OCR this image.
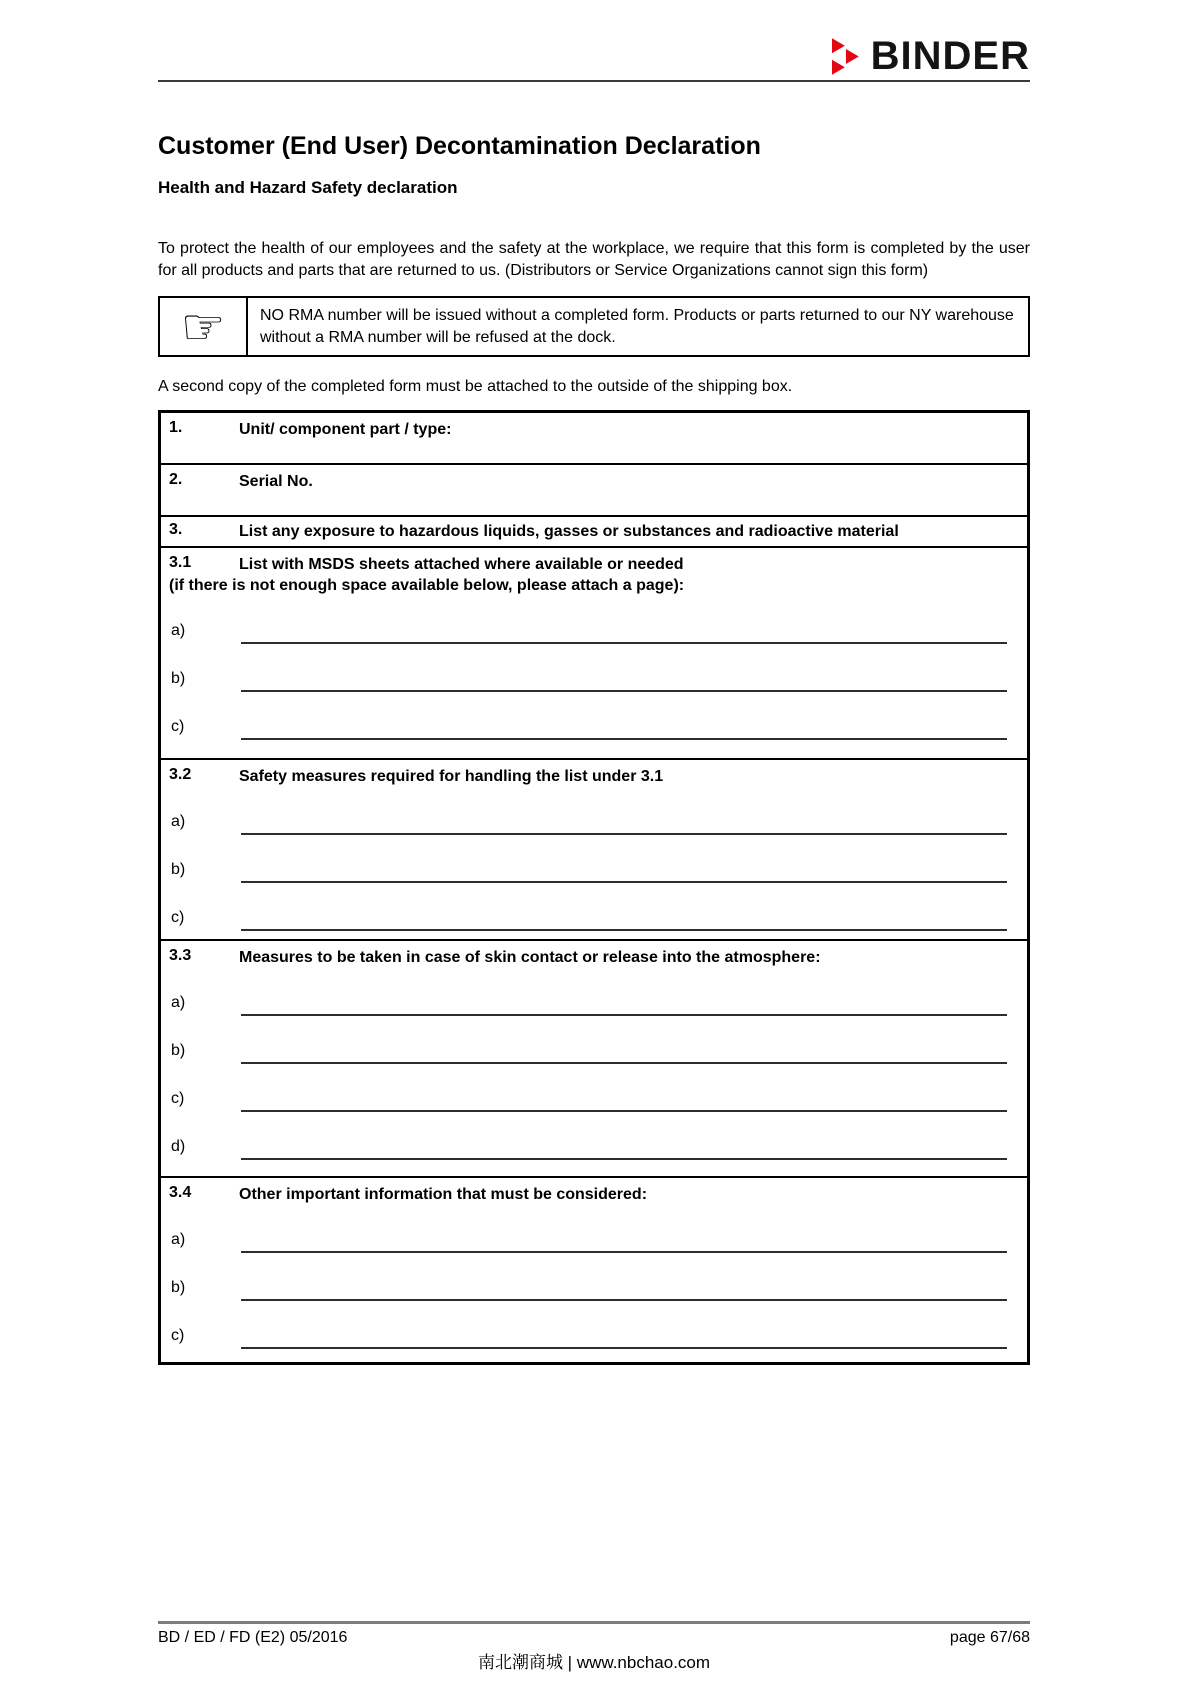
BINDER
Customer (End User) Decontamination Declaration
Health and Hazard Safety declaration

To protect the health of our employees and the safety at the workplace, we require that this form is completed by the user for all products and parts that are returned to us. (Distributors or Service Organizations cannot sign this form)

☞	NO RMA number will be issued without a completed form. Products or parts returned to our NY warehouse without a RMA number will be refused at the dock.

A second copy of the completed form must be attached to the outside of the shipping box.

1.	Unit/ component part / type:
2.	Serial No.
3.	List any exposure to hazardous liquids, gasses or substances and radioactive material
3.1	List with MSDS sheets attached where available or needed
(if there is not enough space available below, please attach a page):
a)
b)
c)
3.2	Safety measures required for handling the list under 3.1
a)
b)
c)
3.3	Measures to be taken in case of skin contact or release into the atmosphere:
a)
b)
c)
d)
3.4	Other important information that must be considered:
a)
b)
c)
BD / ED / FD (E2) 05/2016	page 67/68
南北潮商城 | www.nbchao.com
